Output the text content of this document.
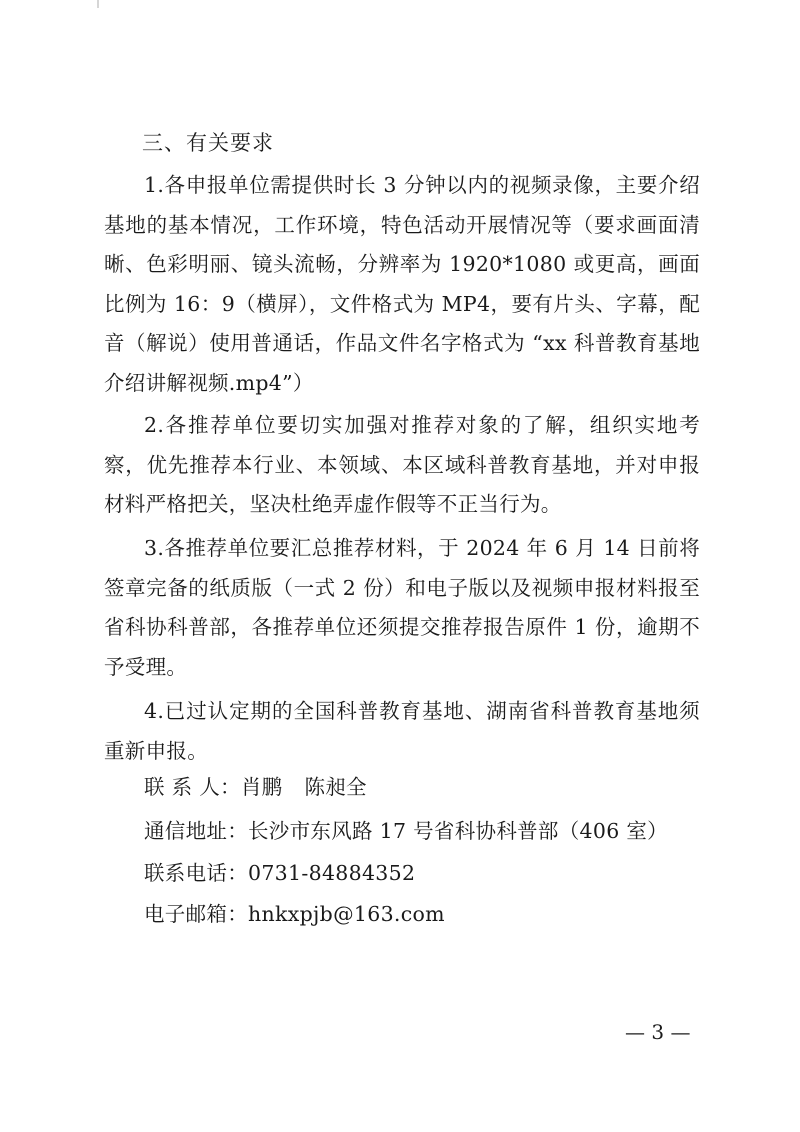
三、有关要求

1.各申报单位需提供时长 3 分钟以内的视频录像，主要介绍基地的基本情况，工作环境，特色活动开展情况等（要求画面清晰、色彩明丽、镜头流畅，分辨率为 1920*1080 或更高，画面比例为 16：9（横屏），文件格式为 MP4，要有片头、字幕，配音（解说）使用普通话，作品文件名字格式为 “xx 科普教育基地介绍讲解视频.mp4”）

2.各推荐单位要切实加强对推荐对象的了解，组织实地考察，优先推荐本行业、本领域、本区域科普教育基地，并对申报材料严格把关，坚决杜绝弄虚作假等不正当行为。

3.各推荐单位要汇总推荐材料，于 2024 年 6 月 14 日前将签章完备的纸质版（一式 2 份）和电子版以及视频申报材料报至省科协科普部，各推荐单位还须提交推荐报告原件 1 份，逾期不予受理。

4.已过认定期的全国科普教育基地、湖南省科普教育基地须重新申报。

联 系 人：肖鹏 陈昶全
通信地址：长沙市东风路 17 号省科协科普部（406 室）
联系电话：0731-84884352
电子邮箱：hnkxpjb@163.com
— 3 —
